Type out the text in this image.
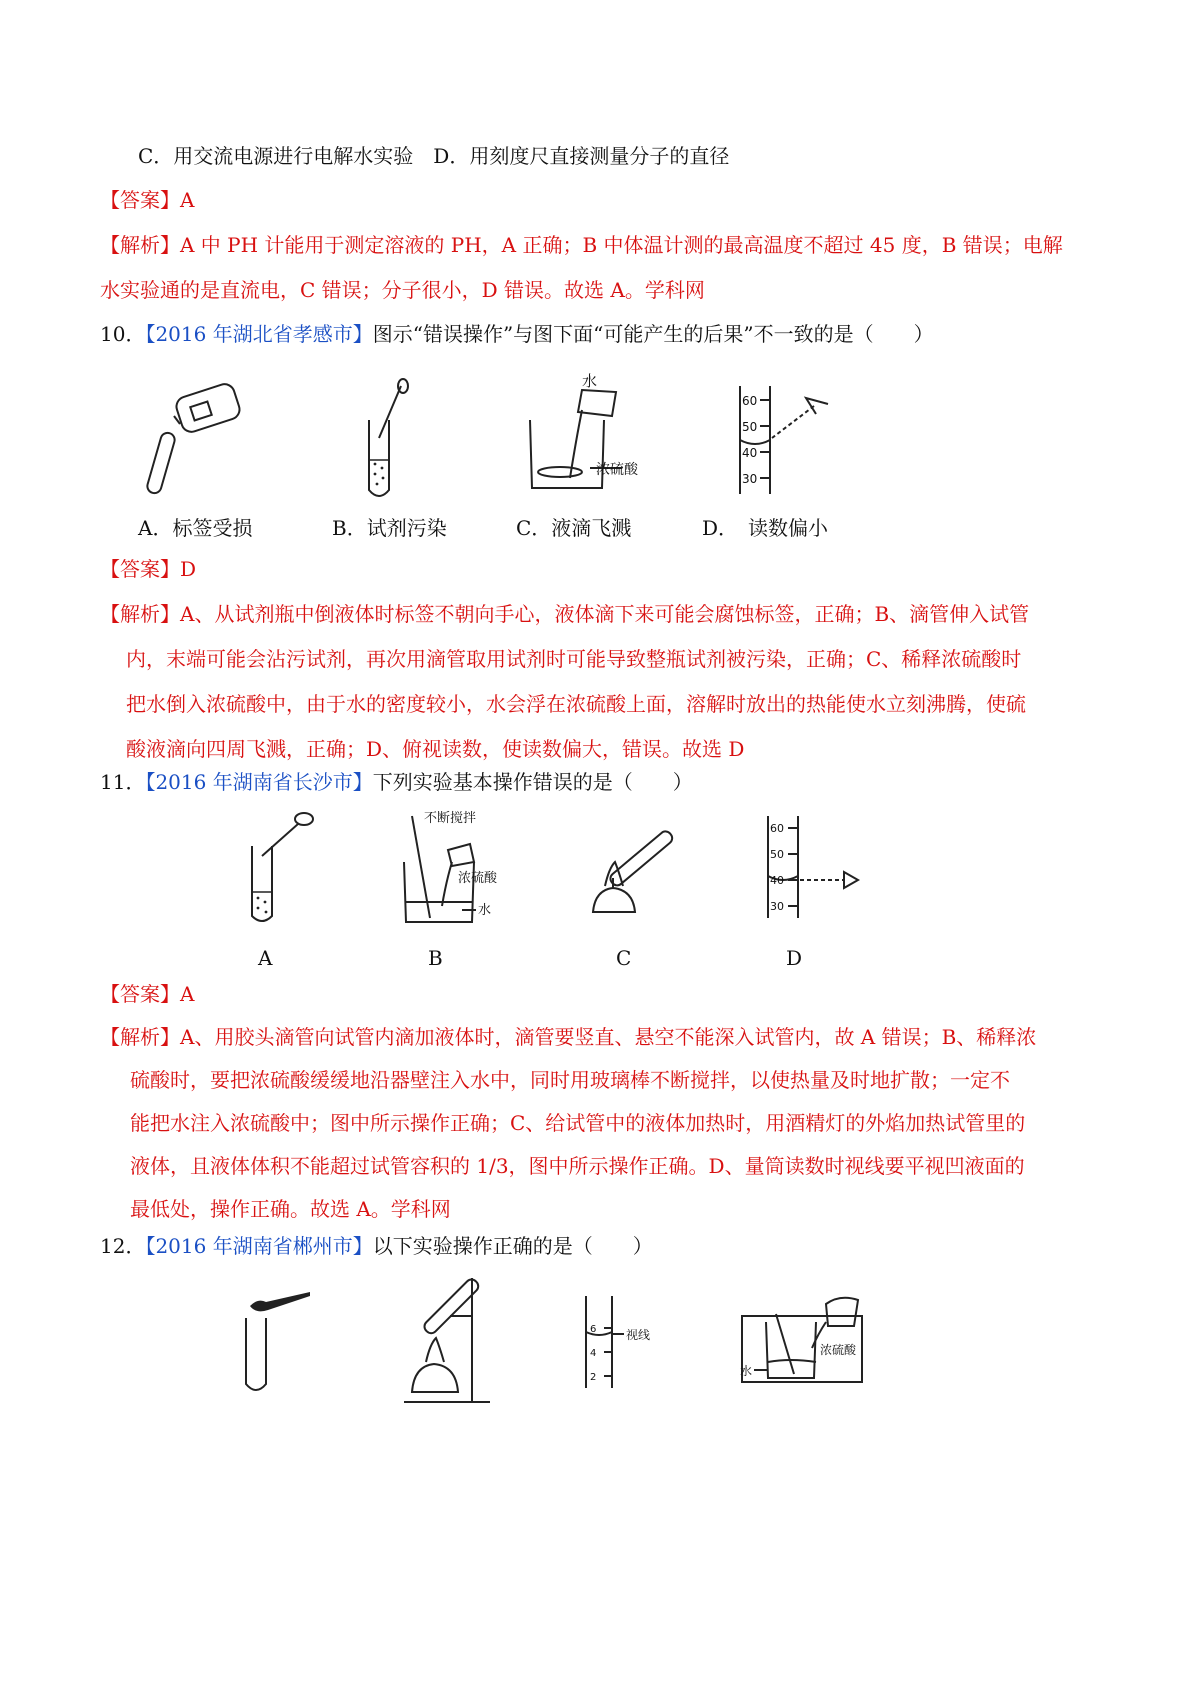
C．用交流电源进行电解水实验　D．用刻度尺直接测量分子的直径
【答案】A
【解析】A 中 PH 计能用于测定溶液的 PH，A 正确；B 中体温计测的最高温度不超过 45 度，B 错误；电解
水实验通的是直流电，C 错误；分子很小，D 错误。故选 A。学科网
10．【2016 年湖北省孝感市】图示“错误操作”与图下面“可能产生的后果”不一致的是（　　）
水
浓硫酸
60
50
40
30
A．标签受损	B．试剂污染	C．液滴飞溅	D．　读数偏小
【答案】D
【解析】A、从试剂瓶中倒液体时标签不朝向手心，液体滴下来可能会腐蚀标签，正确；B、滴管伸入试管
内，末端可能会沾污试剂，再次用滴管取用试剂时可能导致整瓶试剂被污染，正确；C、稀释浓硫酸时
把水倒入浓硫酸中，由于水的密度较小，水会浮在浓硫酸上面，溶解时放出的热能使水立刻沸腾，使硫
酸液滴向四周飞溅，正确；D、俯视读数，使读数偏大，错误。故选 D
11．【2016 年湖南省长沙市】下列实验基本操作错误的是（　　）
不断搅拌
浓硫酸
水
60
50
40
30
A	B	C	D
【答案】A
【解析】A、用胶头滴管向试管内滴加液体时，滴管要竖直、悬空不能深入试管内，故 A 错误；B、稀释浓
硫酸时，要把浓硫酸缓缓地沿器壁注入水中，同时用玻璃棒不断搅拌，以使热量及时地扩散；一定不
能把水注入浓硫酸中；图中所示操作正确；C、给试管中的液体加热时，用酒精灯的外焰加热试管里的
液体，且液体体积不能超过试管容积的 1/3，图中所示操作正确。D、量筒读数时视线要平视凹液面的
最低处，操作正确。故选 A。学科网
12．【2016 年湖南省郴州市】以下实验操作正确的是（　　）
6
4
2
视线
水
浓硫酸
